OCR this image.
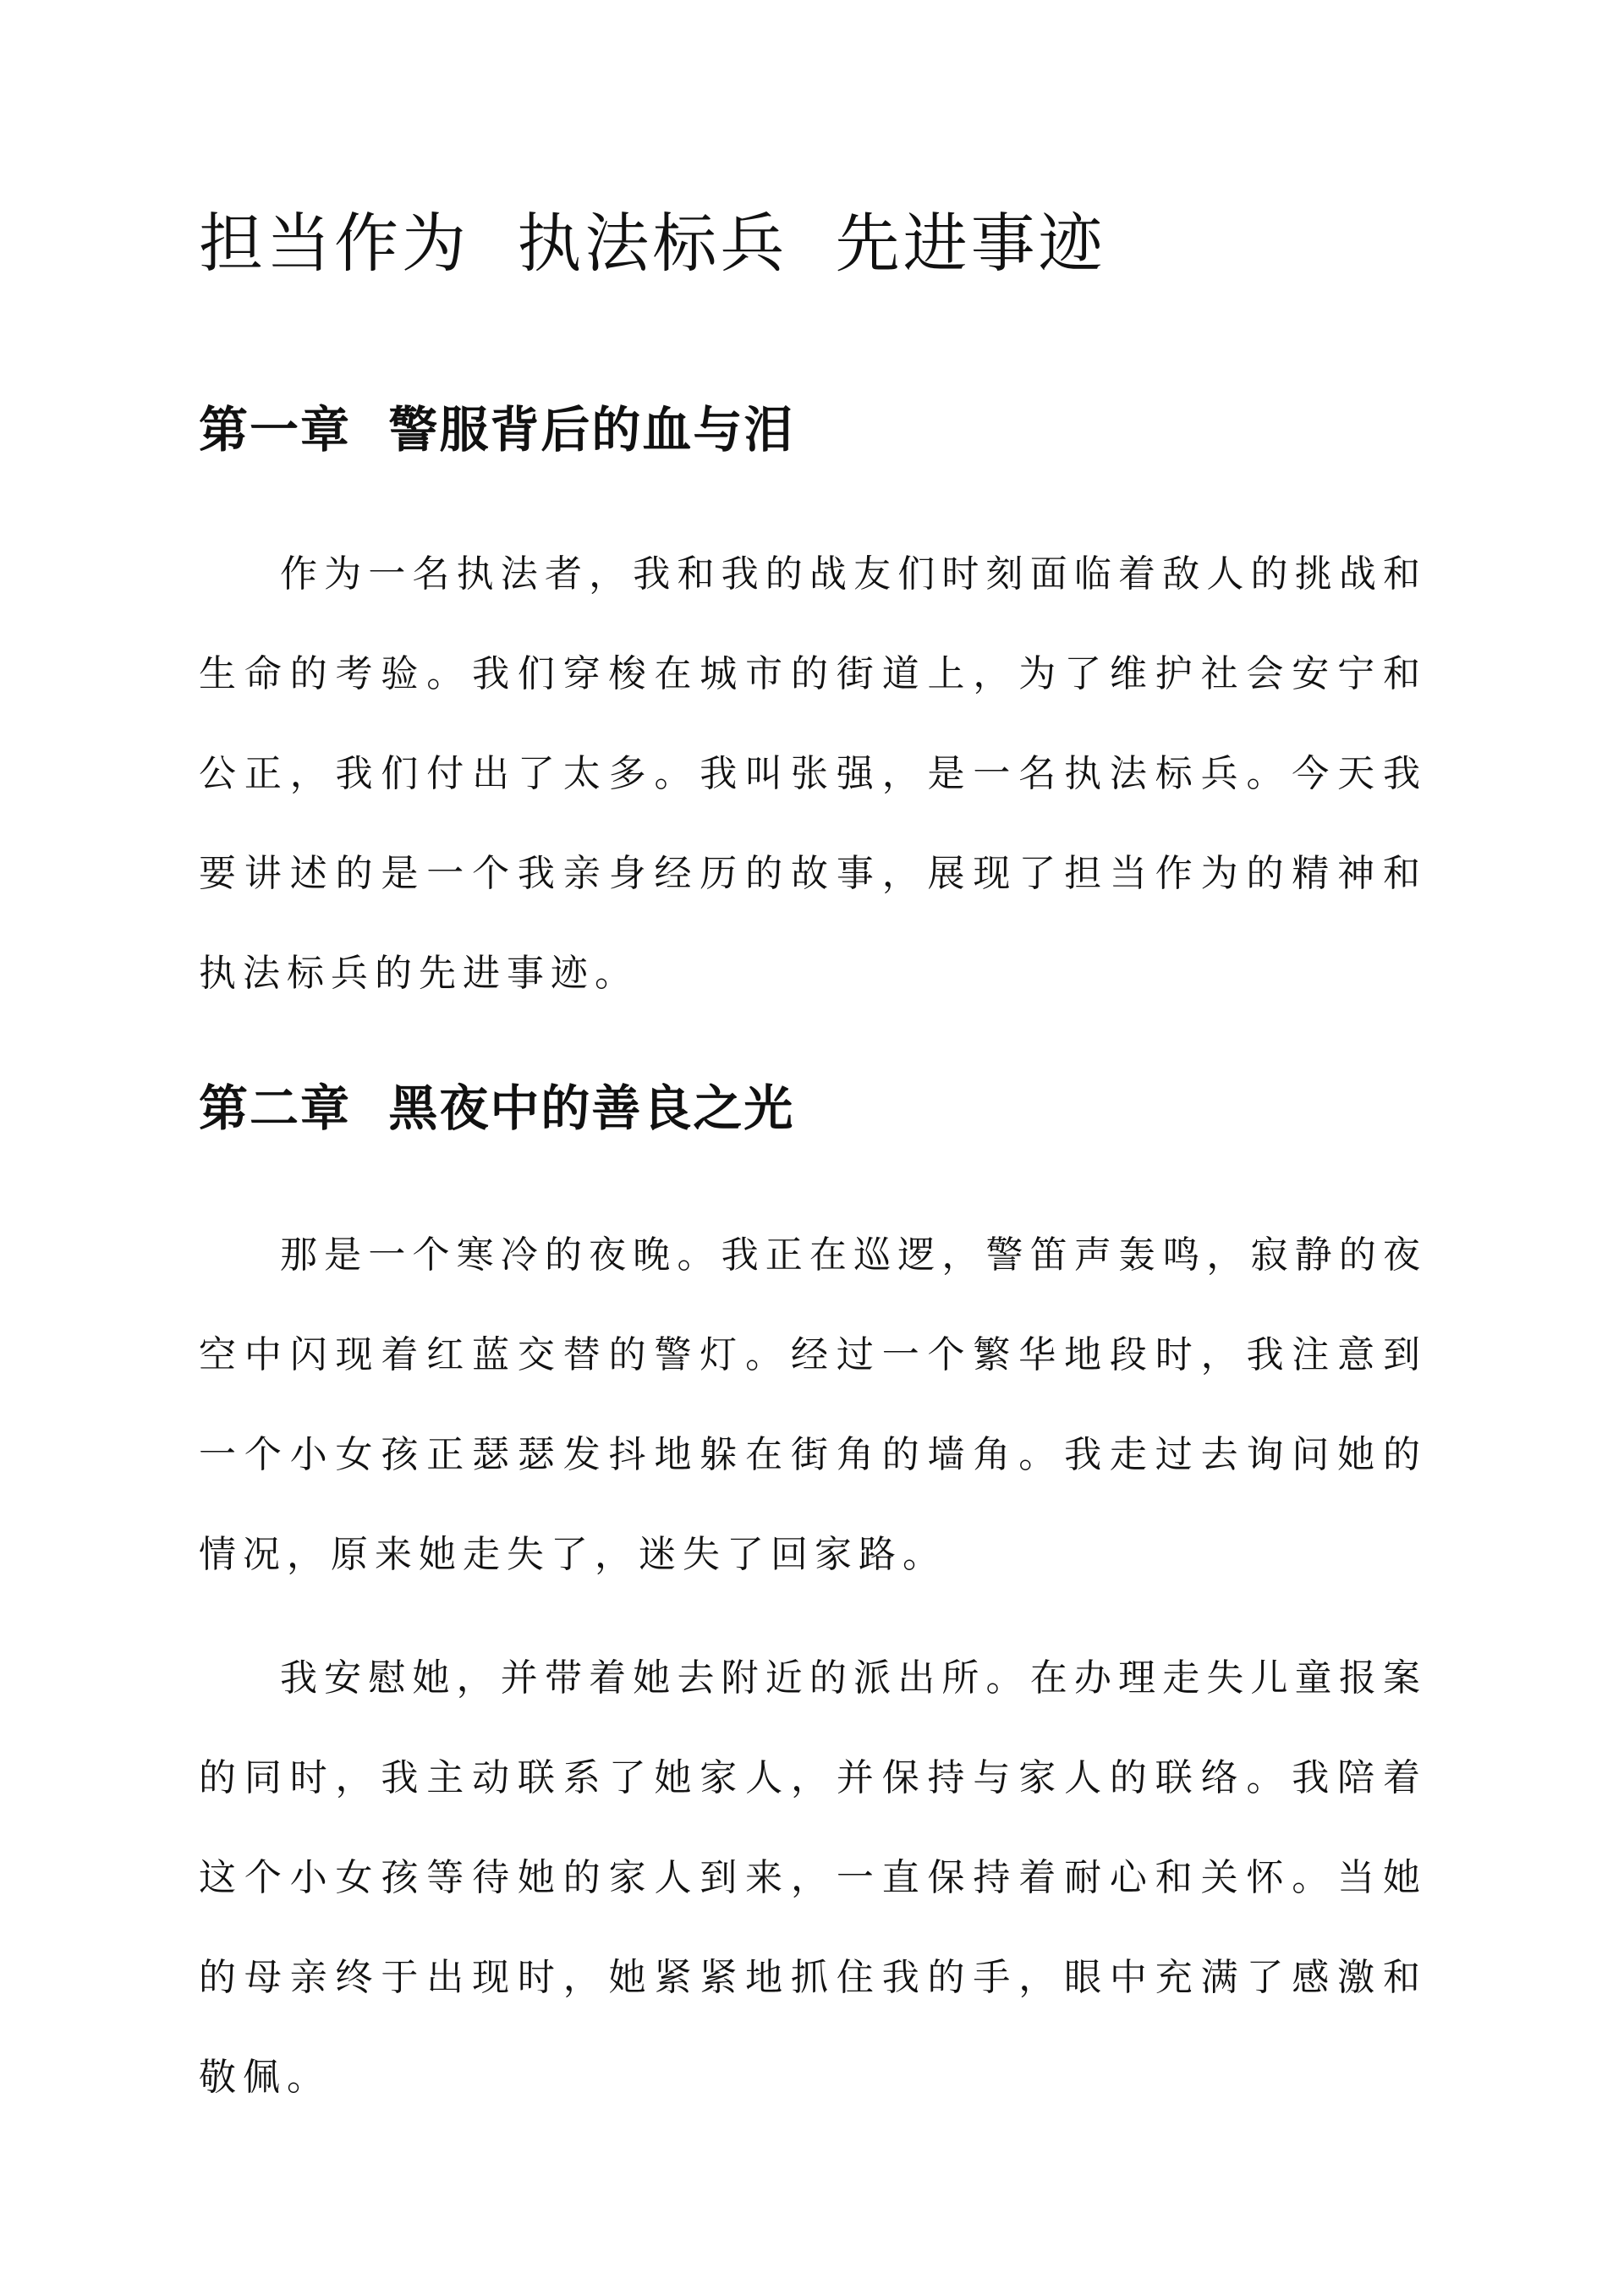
担当作为  执法标兵  先进事迹
第一章  警服背后的血与泪

作为一名执法者，我和我的战友们时刻面临着敌人的挑战和生命的考验。我们穿梭在城市的街道上，为了维护社会安宁和公正，我们付出了太多。我叫张强，是一名执法标兵。今天我要讲述的是一个我亲身经历的故事，展现了担当作为的精神和执法标兵的先进事迹。

第二章  黑夜中的善良之光

那是一个寒冷的夜晚。我正在巡逻，警笛声轰鸣，寂静的夜空中闪现着红蓝交替的警灯。经过一个繁华地段时，我注意到一个小女孩正瑟瑟发抖地躲在街角的墙角。我走过去询问她的情况，原来她走失了，迷失了回家路。

我安慰她，并带着她去附近的派出所。在办理走失儿童报案的同时，我主动联系了她家人，并保持与家人的联络。我陪着这个小女孩等待她的家人到来，一直保持着耐心和关怀。当她的母亲终于出现时，她紧紧地抓住我的手，眼中充满了感激和敬佩。
